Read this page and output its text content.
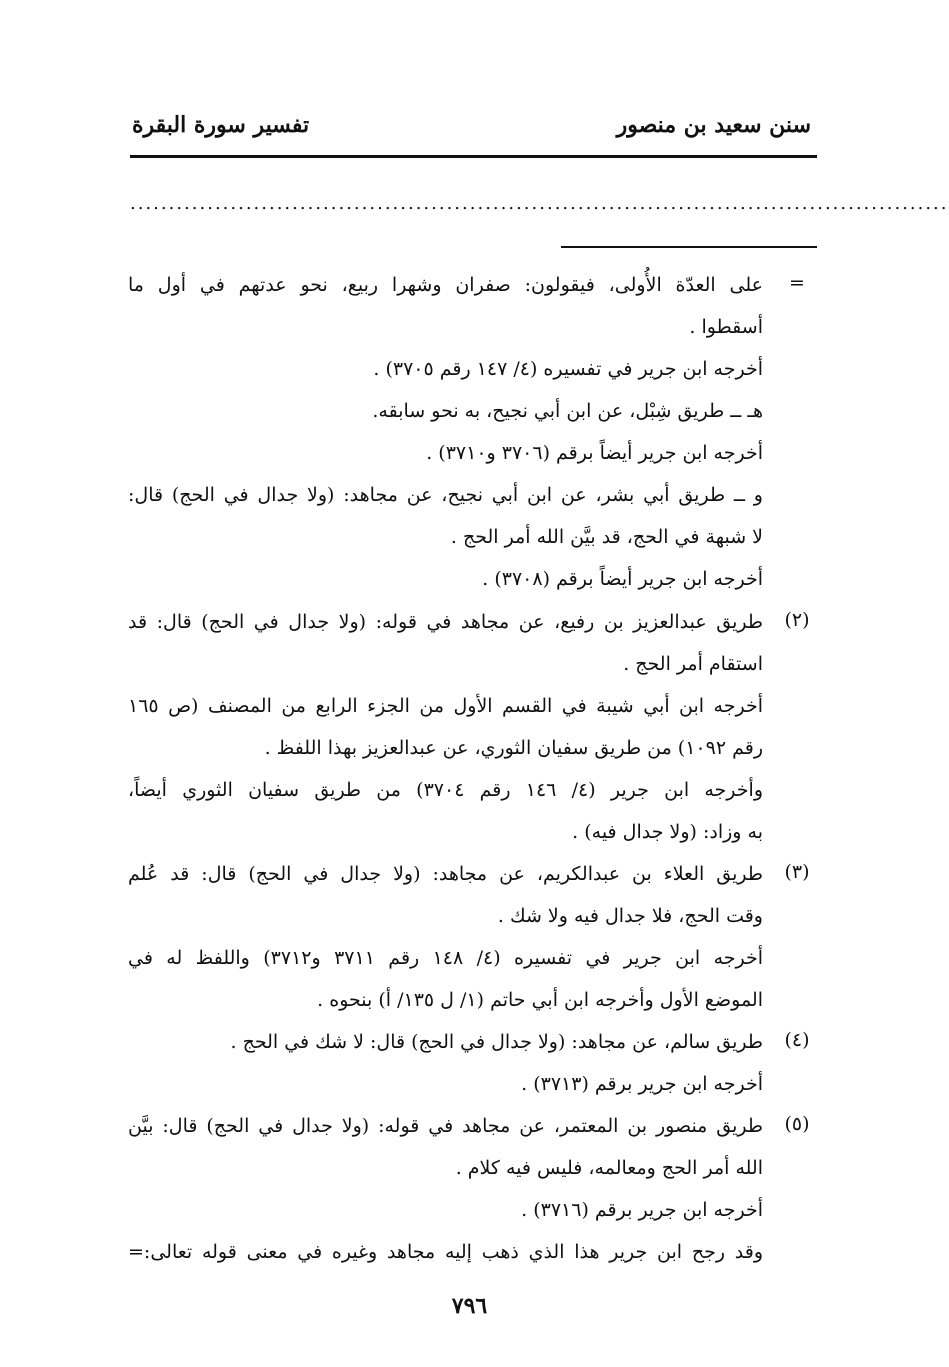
سنن سعيد بن منصور
تفسير سورة البقرة
..........................................................................................................
=
(٢)
(٣)
(٤)
(٥)
على العدّة الأُولى، فيقولون: صفران وشهرا ربيع، نحو عدتهم في أول ما
أسقطوا .
أخرجه ابن جرير في تفسيره (٤/ ١٤٧ رقم ٣٧٠٥) .
هـ ــ طريق شِبْل، عن ابن أبي نجيح، به نحو سابقه.
أخرجه ابن جرير أيضاً برقم (٣٧٠٦ و٣٧١٠) .
و ــ طريق أبي بشر، عن ابن أبي نجيح، عن مجاهد: (ولا جدال في الحج) قال:
لا شبهة في الحج، قد بيَّن الله أمر الحج .
أخرجه ابن جرير أيضاً برقم (٣٧٠٨) .
طريق عبدالعزيز بن رفيع، عن مجاهد في قوله: (ولا جدال في الحج) قال: قد
استقام أمر الحج .
أخرجه ابن أبي شيبة في القسم الأول من الجزء الرابع من المصنف (ص ١٦٥
رقم ١٠٩٢) من طريق سفيان الثوري، عن عبدالعزيز بهذا اللفظ .
وأخرجه ابن جرير (٤/ ١٤٦ رقم ٣٧٠٤) من طريق سفيان الثوري أيضاً،
به وزاد: (ولا جدال فيه) .
طريق العلاء بن عبدالكريم، عن مجاهد: (ولا جدال في الحج) قال: قد عُلم
وقت الحج، فلا جدال فيه ولا شك .
أخرجه ابن جرير في تفسيره (٤/ ١٤٨ رقم ٣٧١١ و٣٧١٢) واللفظ له في
الموضع الأول وأخرجه ابن أبي حاتم (١/ ل ١٣٥/ أ) بنحوه .
طريق سالم، عن مجاهد: (ولا جدال في الحج) قال: لا شك في الحج .
أخرجه ابن جرير برقم (٣٧١٣) .
طريق منصور بن المعتمر، عن مجاهد في قوله: (ولا جدال في الحج) قال: بيَّن
الله أمر الحج ومعالمه، فليس فيه كلام .
أخرجه ابن جرير برقم (٣٧١٦) .
وقد رجح ابن جرير هذا الذي ذهب إليه مجاهد وغيره في معنى قوله تعالى:=
٧٩٦
